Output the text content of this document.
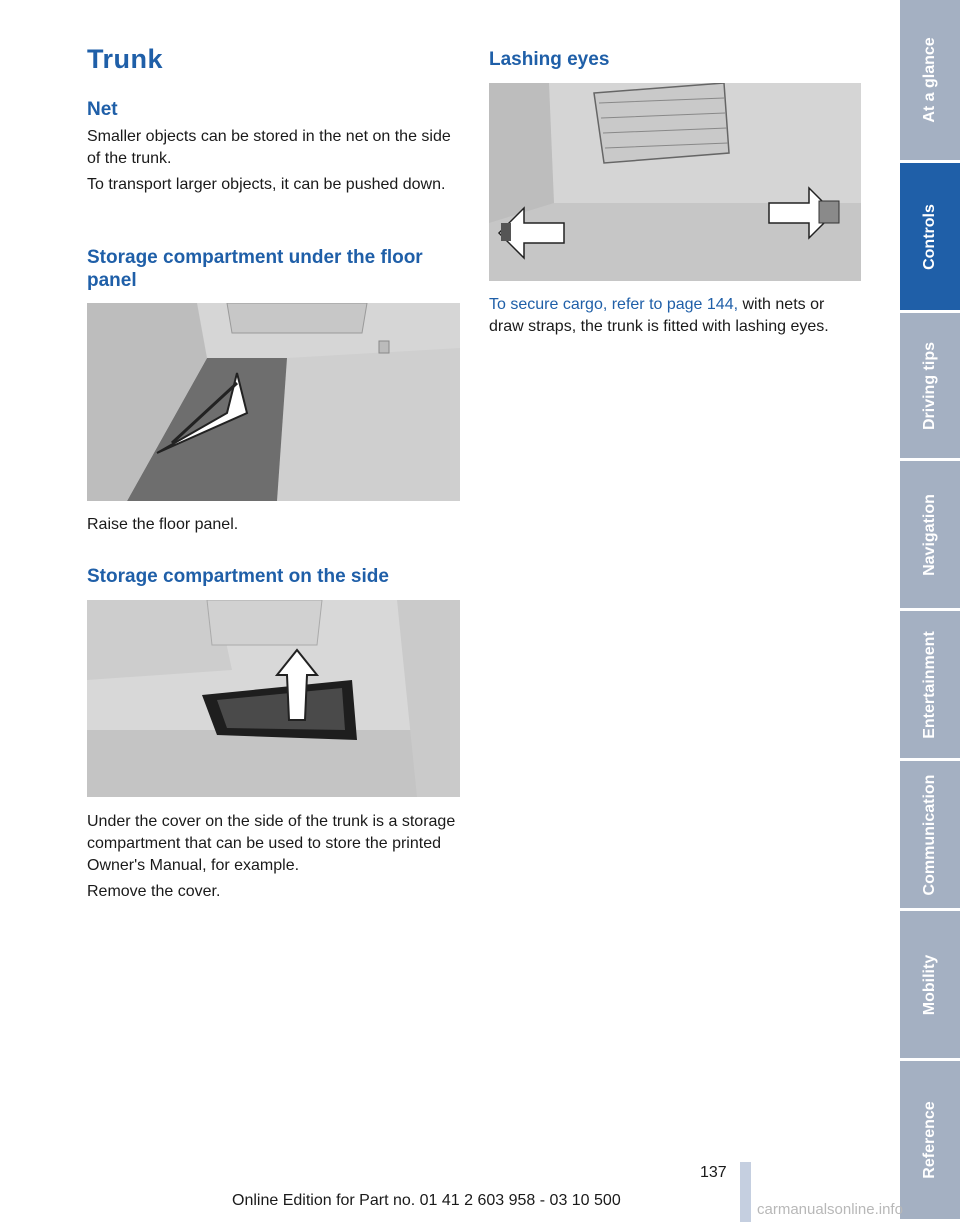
Trunk
Net

Smaller objects can be stored in the net on the side of the trunk.

To transport larger objects, it can be pushed down.

Storage compartment under the floor panel

Raise the floor panel.

Storage compartment on the side

Under the cover on the side of the trunk is a storage compartment that can be used to store the printed Owner's Manual, for example.

Remove the cover.

Lashing eyes

To secure cargo, refer to page 144, with nets or draw straps, the trunk is fitted with lashing eyes.

At a glance
Controls
Driving tips
Navigation
Entertainment
Communication
Mobility
Reference
137
Online Edition for Part no. 01 41 2 603 958 - 03 10 500
carmanualsonline.info
